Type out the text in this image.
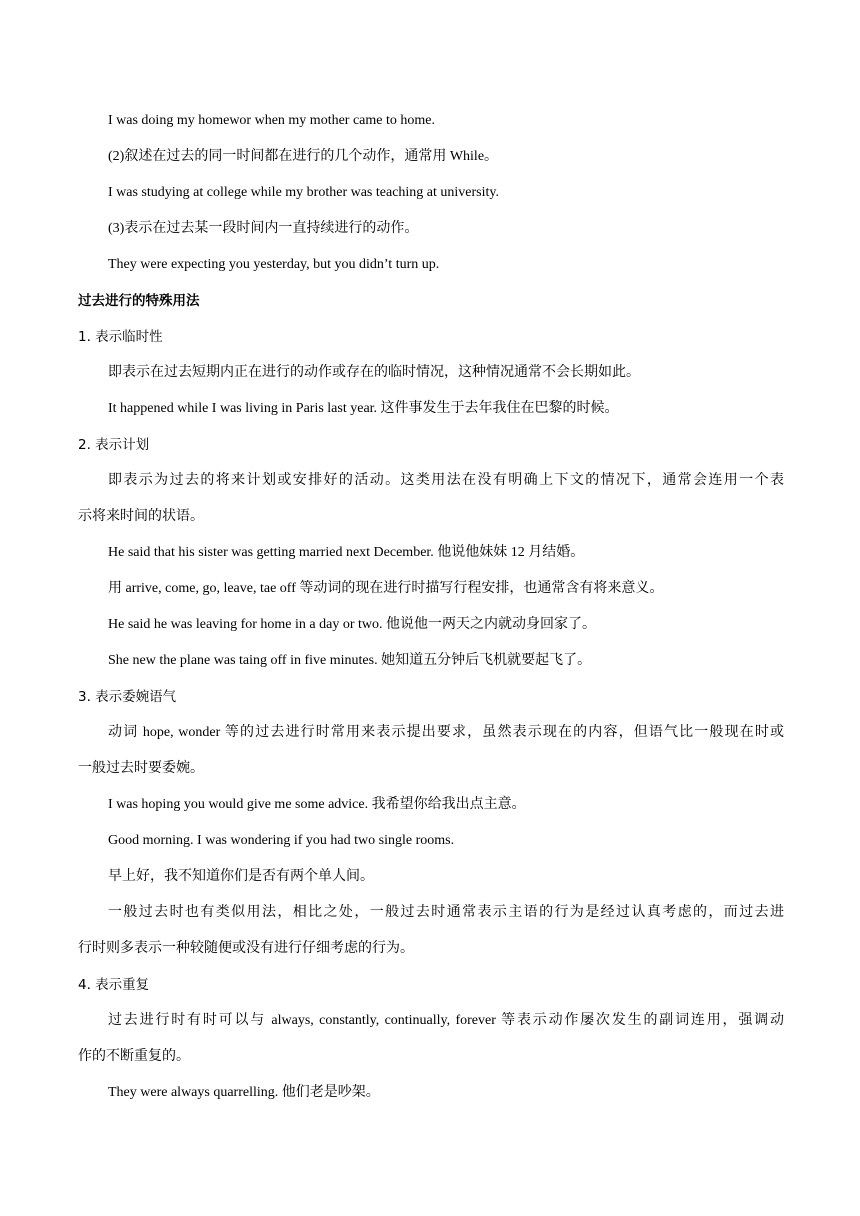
I was doing my homewor when my mother came to home.
(2)叙述在过去的同一时间都在进行的几个动作，通常用 While。
I was studying at college while my brother was teaching at university.
(3)表示在过去某一段时间内一直持续进行的动作。
They were expecting you yesterday, but you didn’t turn up.
过去进行的特殊用法
1. 表示临时性
即表示在过去短期内正在进行的动作或存在的临时情况，这种情况通常不会长期如此。
It happened while I was living in Paris last year. 这件事发生于去年我住在巴黎的时候。
2. 表示计划
即表示为过去的将来计划或安排好的活动。这类用法在没有明确上下文的情况下，通常会连用一个表
示将来时间的状语。
He said that his sister was getting married next December. 他说他妹妹 12 月结婚。
用 arrive, come, go, leave, tae off 等动词的现在进行时描写行程安排，也通常含有将来意义。
He said he was leaving for home in a day or two. 他说他一两天之内就动身回家了。
She new the plane was taing off in five minutes. 她知道五分钟后飞机就要起飞了。
3. 表示委婉语气
动词 hope, wonder 等的过去进行时常用来表示提出要求，虽然表示现在的内容，但语气比一般现在时或
一般过去时要委婉。
I was hoping you would give me some advice. 我希望你给我出点主意。
Good morning. I was wondering if you had two single rooms.
早上好，我不知道你们是否有两个单人间。
一般过去时也有类似用法，相比之处，一般过去时通常表示主语的行为是经过认真考虑的，而过去进
行时则多表示一种较随便或没有进行仔细考虑的行为。
4. 表示重复
过去进行时有时可以与 always, constantly, continually, forever 等表示动作屡次发生的副词连用，强调动
作的不断重复的。
They were always quarrelling. 他们老是吵架。
